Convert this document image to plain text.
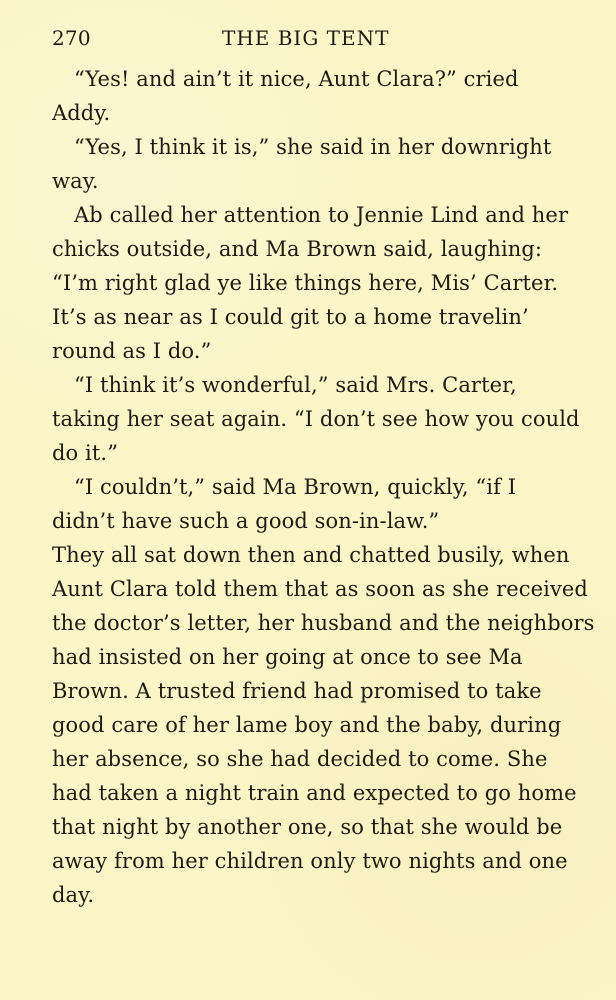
270	THE BIG TENT
“Yes! and ain’t it nice, Aunt Clara?” cried
Addy.
“Yes, I think it is,” she said in her downright
way.
Ab called her attention to Jennie Lind and her
chicks outside, and Ma Brown said, laughing:
“I’m right glad ye like things here, Mis’ Carter.
It’s as near as I could git to a home travelin’
round as I do.”
“I think it’s wonderful,” said Mrs. Carter,
taking her seat again. “I don’t see how you could
do it.”
“I couldn’t,” said Ma Brown, quickly, “if I
didn’t have such a good son-in-law.”
They all sat down then and chatted busily, when
Aunt Clara told them that as soon as she received
the doctor’s letter, her husband and the neighbors
had insisted on her going at once to see Ma
Brown. A trusted friend had promised to take
good care of her lame boy and the baby, during
her absence, so she had decided to come. She
had taken a night train and expected to go home
that night by another one, so that she would be
away from her children only two nights and one
day.
